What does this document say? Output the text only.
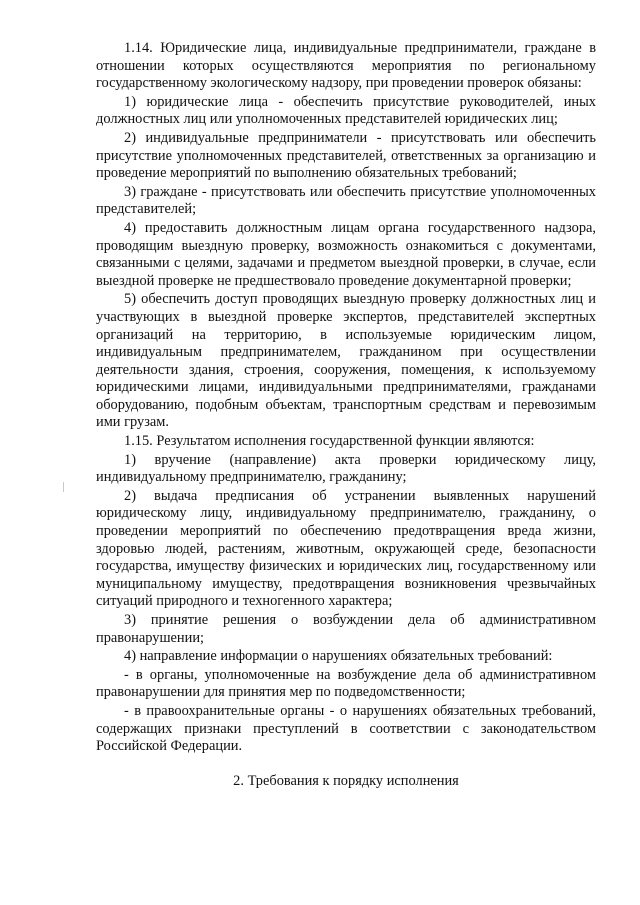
1.14. Юридические лица, индивидуальные предприниматели, граждане в отношении которых осуществляются мероприятия по региональному государственному экологическому надзору, при проведении проверок обязаны:

1) юридические лица - обеспечить присутствие руководителей, иных должностных лиц или уполномоченных представителей юридических лиц;

2) индивидуальные предприниматели - присутствовать или обеспечить присутствие уполномоченных представителей, ответственных за организацию и проведение мероприятий по выполнению обязательных требований;

3) граждане - присутствовать или обеспечить присутствие уполномоченных представителей;

4) предоставить должностным лицам органа государственного надзора, проводящим выездную проверку, возможность ознакомиться с документами, связанными с целями, задачами и предметом выездной проверки, в случае, если выездной проверке не предшествовало проведение документарной проверки;

5) обеспечить доступ проводящих выездную проверку должностных лиц и участвующих в выездной проверке экспертов, представителей экспертных организаций на территорию, в используемые юридическим лицом, индивидуальным предпринимателем, гражданином при осуществлении деятельности здания, строения, сооружения, помещения, к используемому юридическими лицами, индивидуальными предпринимателями, гражданами оборудованию, подобным объектам, транспортным средствам и перевозимым ими грузам.

1.15. Результатом исполнения государственной функции являются:

1) вручение (направление) акта проверки юридическому лицу, индивидуальному предпринимателю, гражданину;

2) выдача предписания об устранении выявленных нарушений юридическому лицу, индивидуальному предпринимателю, гражданину, о проведении мероприятий по обеспечению предотвращения вреда жизни, здоровью людей, растениям, животным, окружающей среде, безопасности государства, имуществу физических и юридических лиц, государственному или муниципальному имуществу, предотвращения возникновения чрезвычайных ситуаций природного и техногенного характера;

3) принятие решения о возбуждении дела об административном правонарушении;

4) направление информации о нарушениях обязательных требований:

- в органы, уполномоченные на возбуждение дела об административном правонарушении для принятия мер по подведомственности;

- в правоохранительные органы - о нарушениях обязательных требований, содержащих признаки преступлений в соответствии с законодательством Российской Федерации.

2. Требования к порядку исполнения
